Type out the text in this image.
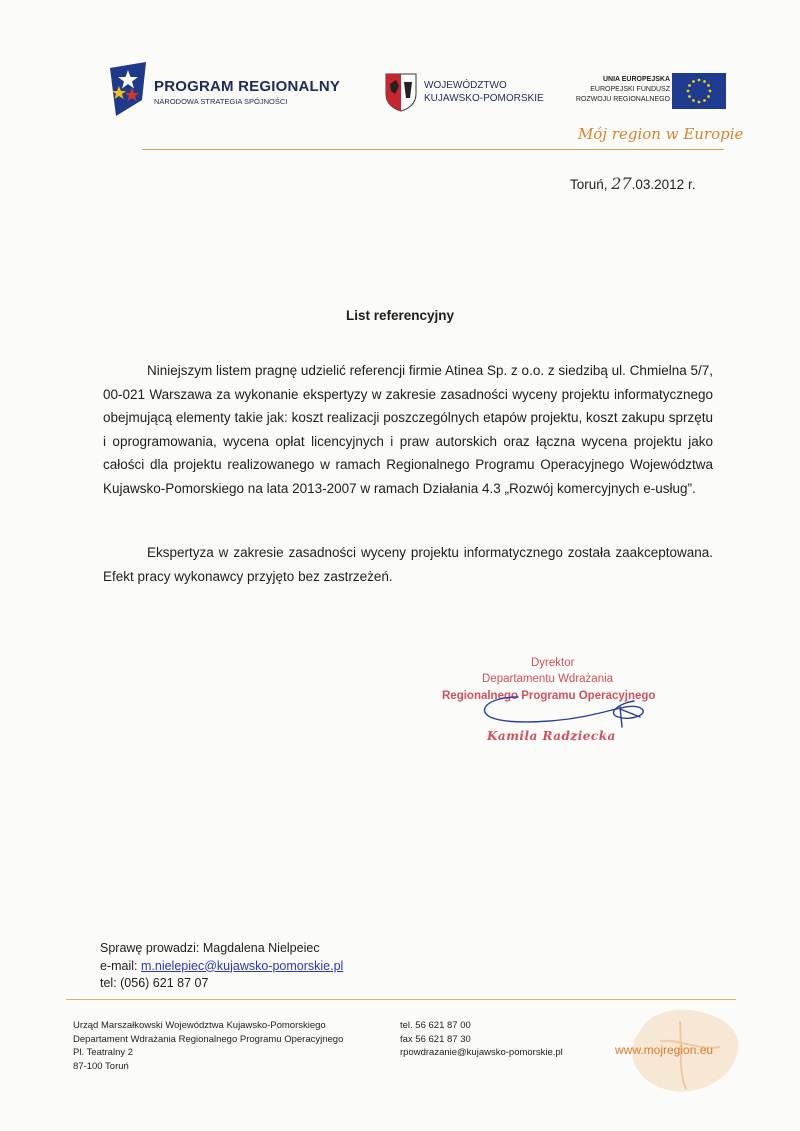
PROGRAM REGIONALNY
NARODOWA STRATEGIA SPÓJNOŚCI
WOJEWÓDZTWO
KUJAWSKO-POMORSKIE
UNIA EUROPEJSKA
EUROPEJSKI FUNDUSZ
ROZWOJU REGIONALNEGO
Mój region w Europie
Toruń, 27.03.2012 r.
List referencyjny
Niniejszym listem pragnę udzielić referencji firmie Atinea Sp. z o.o. z siedzibą ul. Chmielna 5/7, 00-021 Warszawa za wykonanie ekspertyzy w zakresie zasadności wyceny projektu informatycznego obejmującą elementy takie jak: koszt realizacji poszczególnych etapów projektu, koszt zakupu sprzętu i oprogramowania, wycena opłat licencyjnych i praw autorskich oraz łączna wycena projektu jako całości dla projektu realizowanego w ramach Regionalnego Programu Operacyjnego Województwa Kujawsko-Pomorskiego na lata 2013-2007 w ramach Działania 4.3 „Rozwój komercyjnych e-usług”.
Ekspertyza w zakresie zasadności wyceny projektu informatycznego została zaakceptowana. Efekt pracy wykonawcy przyjęto bez zastrzeżeń.
Dyrektor
Departamentu Wdrażania
Regionalnego Programu Operacyjnego
Kamila Radziecka
Sprawę prowadzi: Magdalena Nielpeiec
e-mail: m.nielepiec@kujawsko-pomorskie.pl
tel: (056) 621 87 07
Urząd Marszałkowski Województwa Kujawsko-Pomorskiego
Departament Wdrażania Regionalnego Programu Operacyjnego
Pl. Teatralny 2
87-100 Toruń
tel. 56 621 87 00
fax 56 621 87 30
rpowdrazanie@kujawsko-pomorskie.pl	www.mojregion.eu
